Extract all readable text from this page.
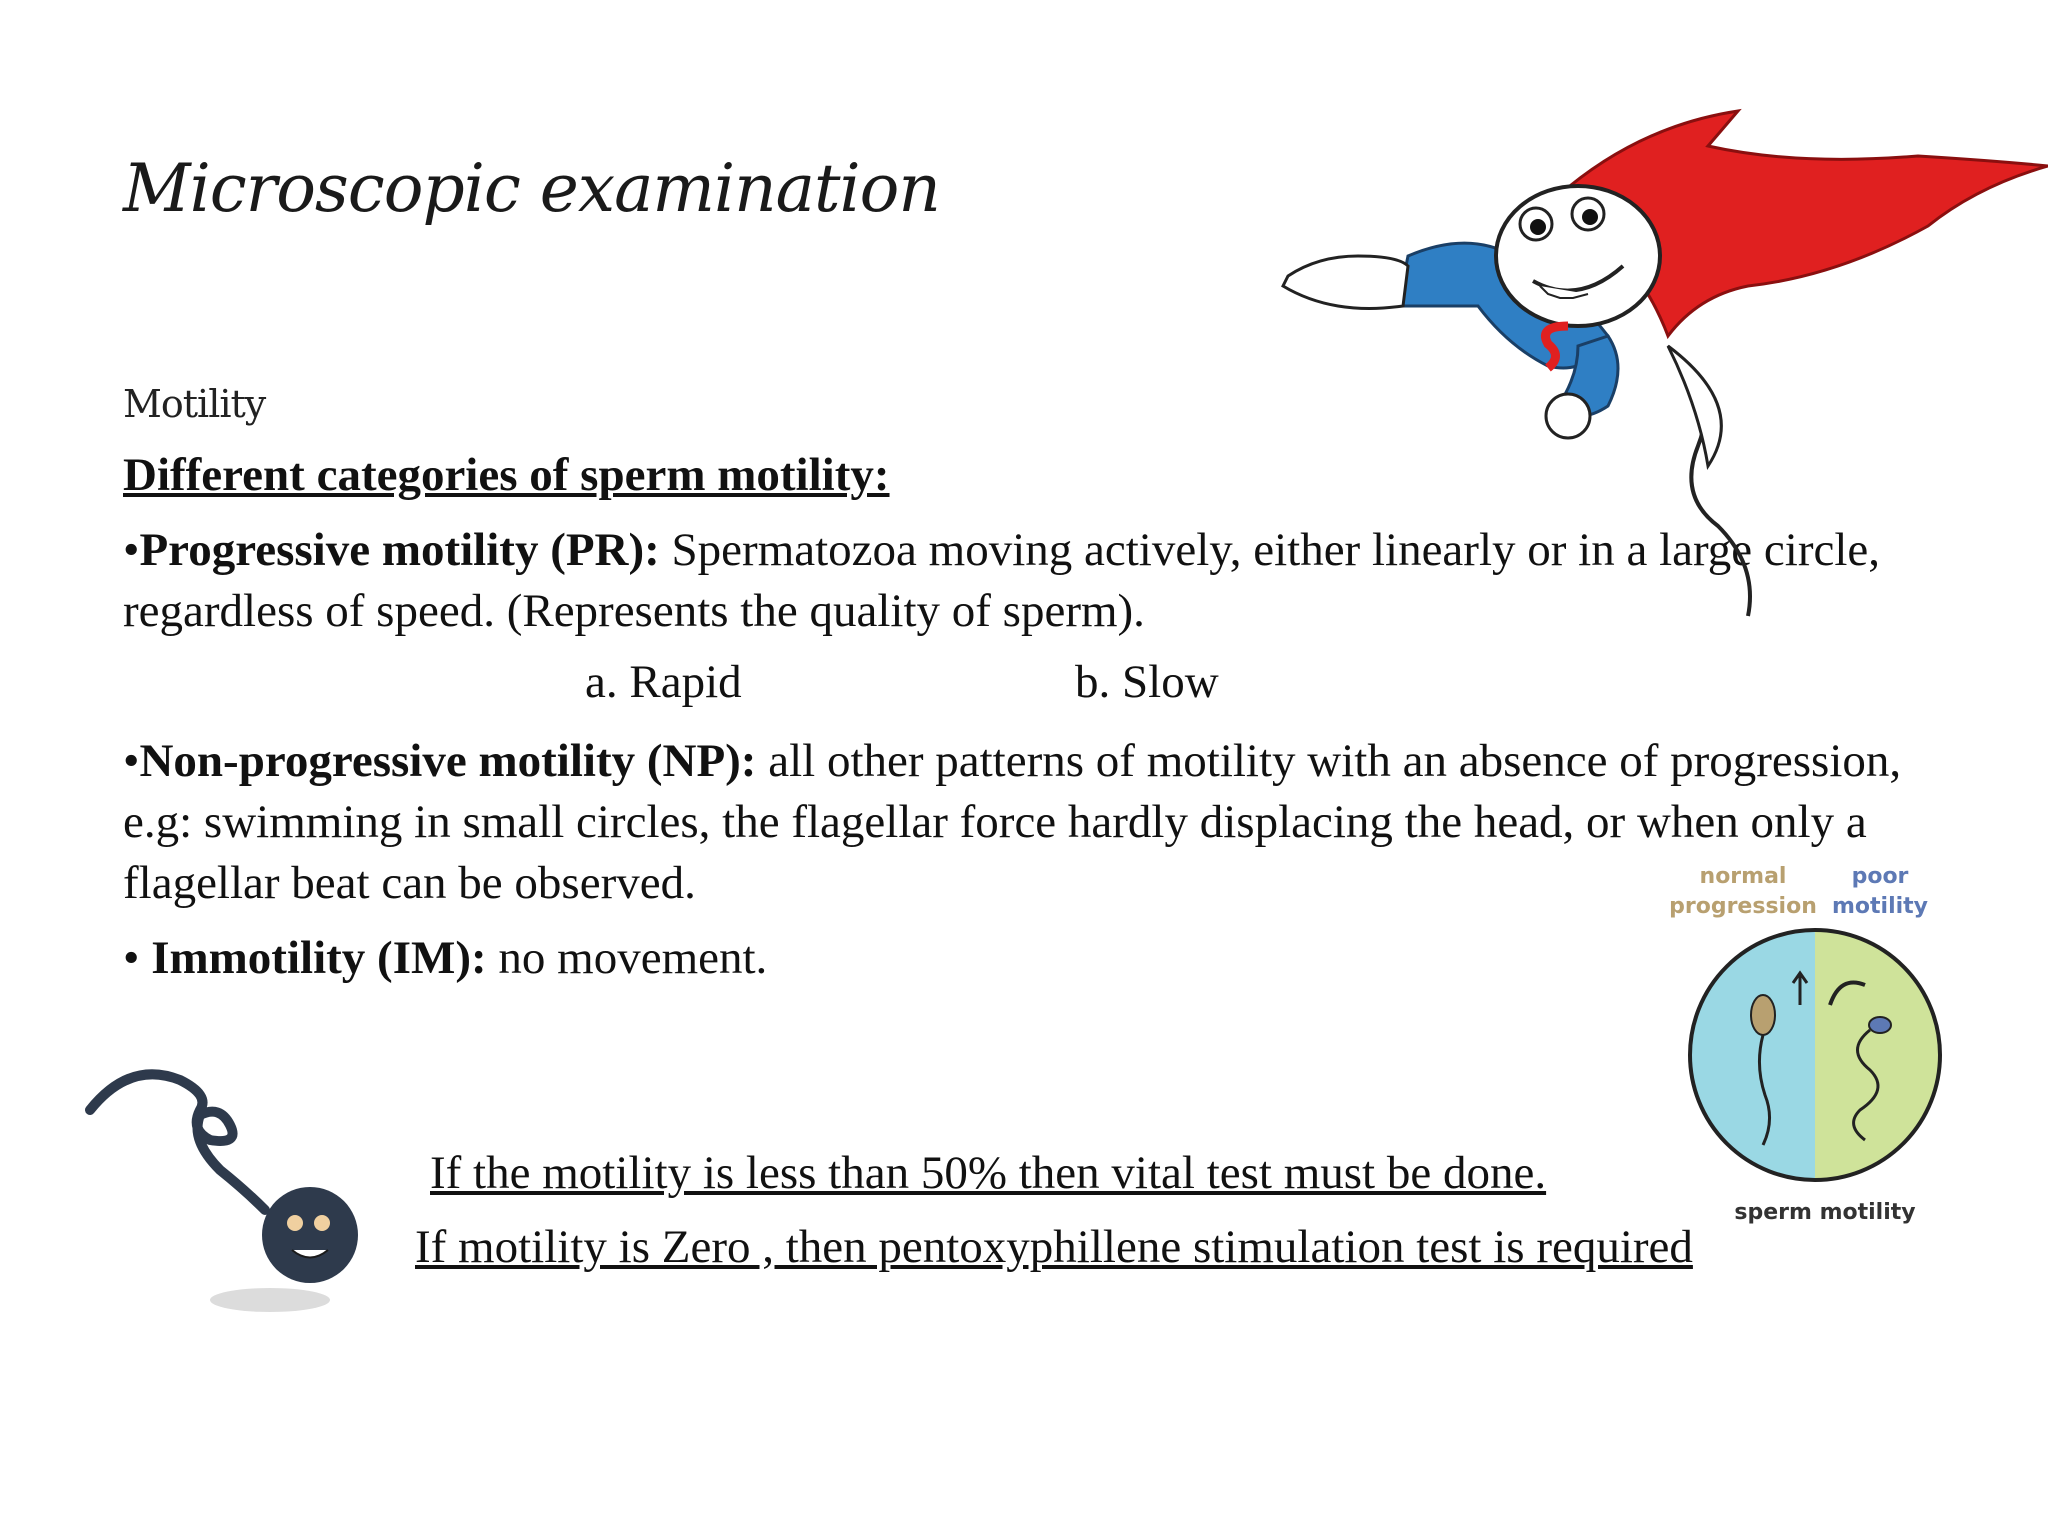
Microscopic examination
Motility
Different categories of sperm motility:
•Progressive motility (PR): Spermatozoa moving actively, either linearly or in a large circle, regardless of speed. (Represents the quality of sperm).
a. Rapid	b. Slow
•Non-progressive motility (NP): all other patterns of motility with an absence of progression, e.g: swimming in small circles, the flagellar force hardly displacing the head, or when only a flagellar beat can be observed.
• Immotility (IM): no movement.
If the motility is less than 50% then vital test must be done.
If motility is Zero , then pentoxyphillene stimulation test is required
normal
progression
poor
motility
sperm motility
